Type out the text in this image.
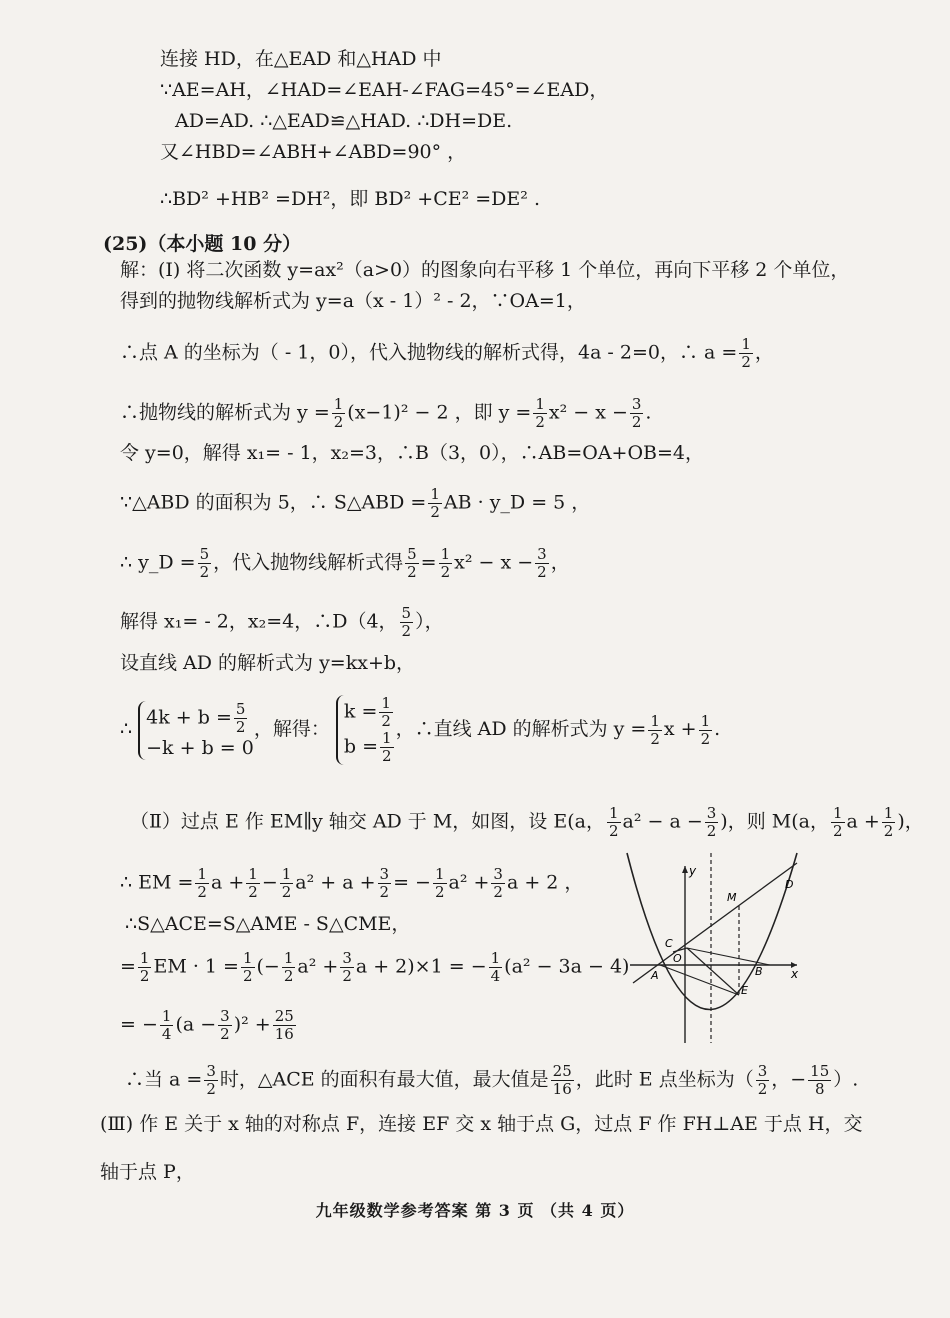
连接 HD，在△EAD 和△HAD 中
∵AE=AH，∠HAD=∠EAH-∠FAG=45°=∠EAD，
AD=AD. ∴△EAD≌△HAD. ∴DH=DE.
又∠HBD=∠ABH+∠ABD=90° ，
∴BD² +HB² =DH²，即 BD² +CE² =DE² .
(25)（本小题 10 分）
解：(Ⅰ) 将二次函数 y=ax²（a>0）的图象向右平移 1 个单位，再向下平移 2 个单位，
得到的抛物线解析式为 y=a（x - 1）² - 2，∵OA=1，
∴点 A 的坐标为（ - 1，0），代入抛物线的解析式得，4a - 2=0，∴ $a = \frac{1}{2}$ ，
∴抛物线的解析式为 $y = \frac{1}{2} (x-1)^2 - 2$ ，即 $y = \frac{1}{2} x^2 - x - \frac{3}{2}$ .
令 y=0，解得 x₁= - 1，x₂=3，∴B（3，0），∴AB=OA+OB=4，
∵△ABD 的面积为 5，∴ S△ABD = $\frac{1}{2}$ AB · y_D = 5 ，
∴ y_D = $\frac{5}{2}$ ，代入抛物线解析式得 $\frac{5}{2} = \frac{1}{2} x^2 - x - \frac{3}{2}$ ，
解得 x₁= - 2，x₂=4，∴D（4， $\frac{5}{2}$ ），
设直线 AD 的解析式为 y=kx+b，
∴
$4k + b = \frac{5}{2}$
−k + b = 0
，解得：
$k = \frac{1}{2}$
$b = \frac{1}{2}$
，∴直线 AD 的解析式为 $y = \frac{1}{2}$ $x + \frac{1}{2}$ .
（Ⅱ）过点 E 作 EM∥y 轴交 AD 于 M，如图，设 E(a， $\frac{1}{2} a^2 - a - \frac{3}{2}$ )，则 M(a， $\frac{1}{2}$ $a + \frac{1}{2}$ )，
∴ EM = $\frac{1}{2}$ $a + \frac{1}{2} - \frac{1}{2} a^2 + a + \frac{3}{2}$ = − $\frac{1}{2} a^2 + \frac{3}{2}$ a + 2 ，
∴S△ACE=S△AME - S△CME，
= $\frac{1}{2}$ EM · $1 = \frac{1}{2}$ (− $\frac{1}{2} a^2 + \frac{3}{2}$ a + 2)×1 = − $\frac{1}{4} (a^2 - 3a - 4)$
= − $\frac{1}{4} (a - \frac{3}{2} )^2 + \frac{25}{16}$
∴当 $a = \frac{3}{2}$ 时，△ACE 的面积有最大值，最大值是 $\frac{25}{16}$ ，此时 E 点坐标为（ $\frac{3}{2}$ ，− $\frac{15}{8}$ ）.
(Ⅲ) 作 E 关于 x 轴的对称点 F，连接 EF 交 x 轴于点 G，过点 F 作 FH⊥AE 于点 H，交
轴于点 P，
y
x
O
A	B
C
D
E
M
九年级数学参考答案 第 3 页 （共 4 页）
